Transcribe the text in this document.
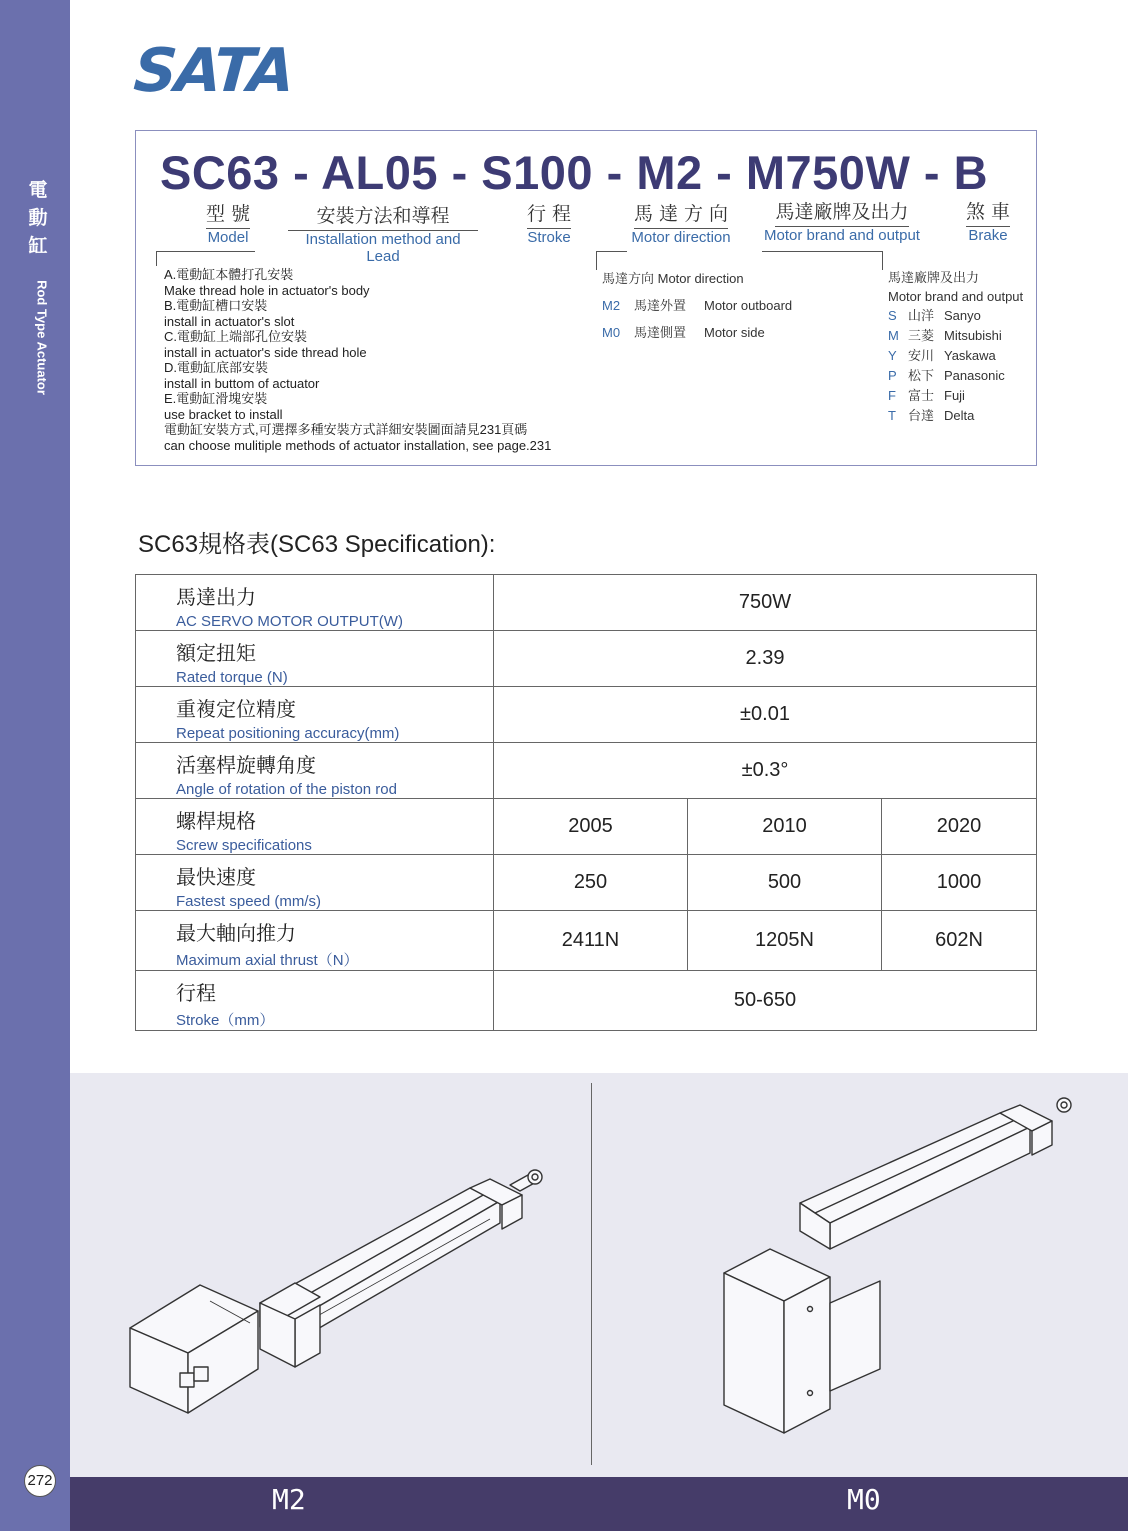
電動缸
Rod Type Actuator
272
SATA
SC63 - AL05 - S100 - M2 - M750W - B
型 號
Model
安裝方法和導程
Installation method and Lead
行 程
Stroke
馬 達 方 向
Motor direction
馬達廠牌及出力
Motor brand and output
煞 車
Brake
A.電動缸本體打孔安裝
Make thread hole in actuator's body
B.電動缸槽口安裝
install in actuator's slot
C.電動缸上端部孔位安裝
install in actuator's side thread hole
D.電動缸底部安裝
install in buttom of actuator
E.電動缸滑塊安裝
use bracket to install
電動缸安裝方式,可選擇多種安裝方式詳細安裝圖面請見231頁碼
can choose mulitiple methods of actuator installation, see page.231
馬達方向 Motor direction
M2 馬達外置 Motor outboard
M0 馬達側置 Motor side
馬達廠牌及出力
Motor brand and output
S 山洋 Sanyo
M 三菱 Mitsubishi
Y 安川 Yaskawa
P 松下 Panasonic
F 富士 Fuji
T 台達 Delta
SC63規格表(SC63 Specification):
馬達出力
AC SERVO MOTOR OUTPUT(W)	750W		

額定扭矩
Rated torque (N)	2.39		

重複定位精度
Repeat positioning accuracy(mm)	±0.01		

活塞桿旋轉角度
Angle of rotation of the piston rod	±0.3°		

螺桿規格
Screw specifications	2005	2010	2020

最快速度
Fastest speed (mm/s)	250	500	1000

最大軸向推力
Maximum axial thrust（N）	2411N	1205N	602N

行程
Stroke（mm）	50-650		
M2	M0
